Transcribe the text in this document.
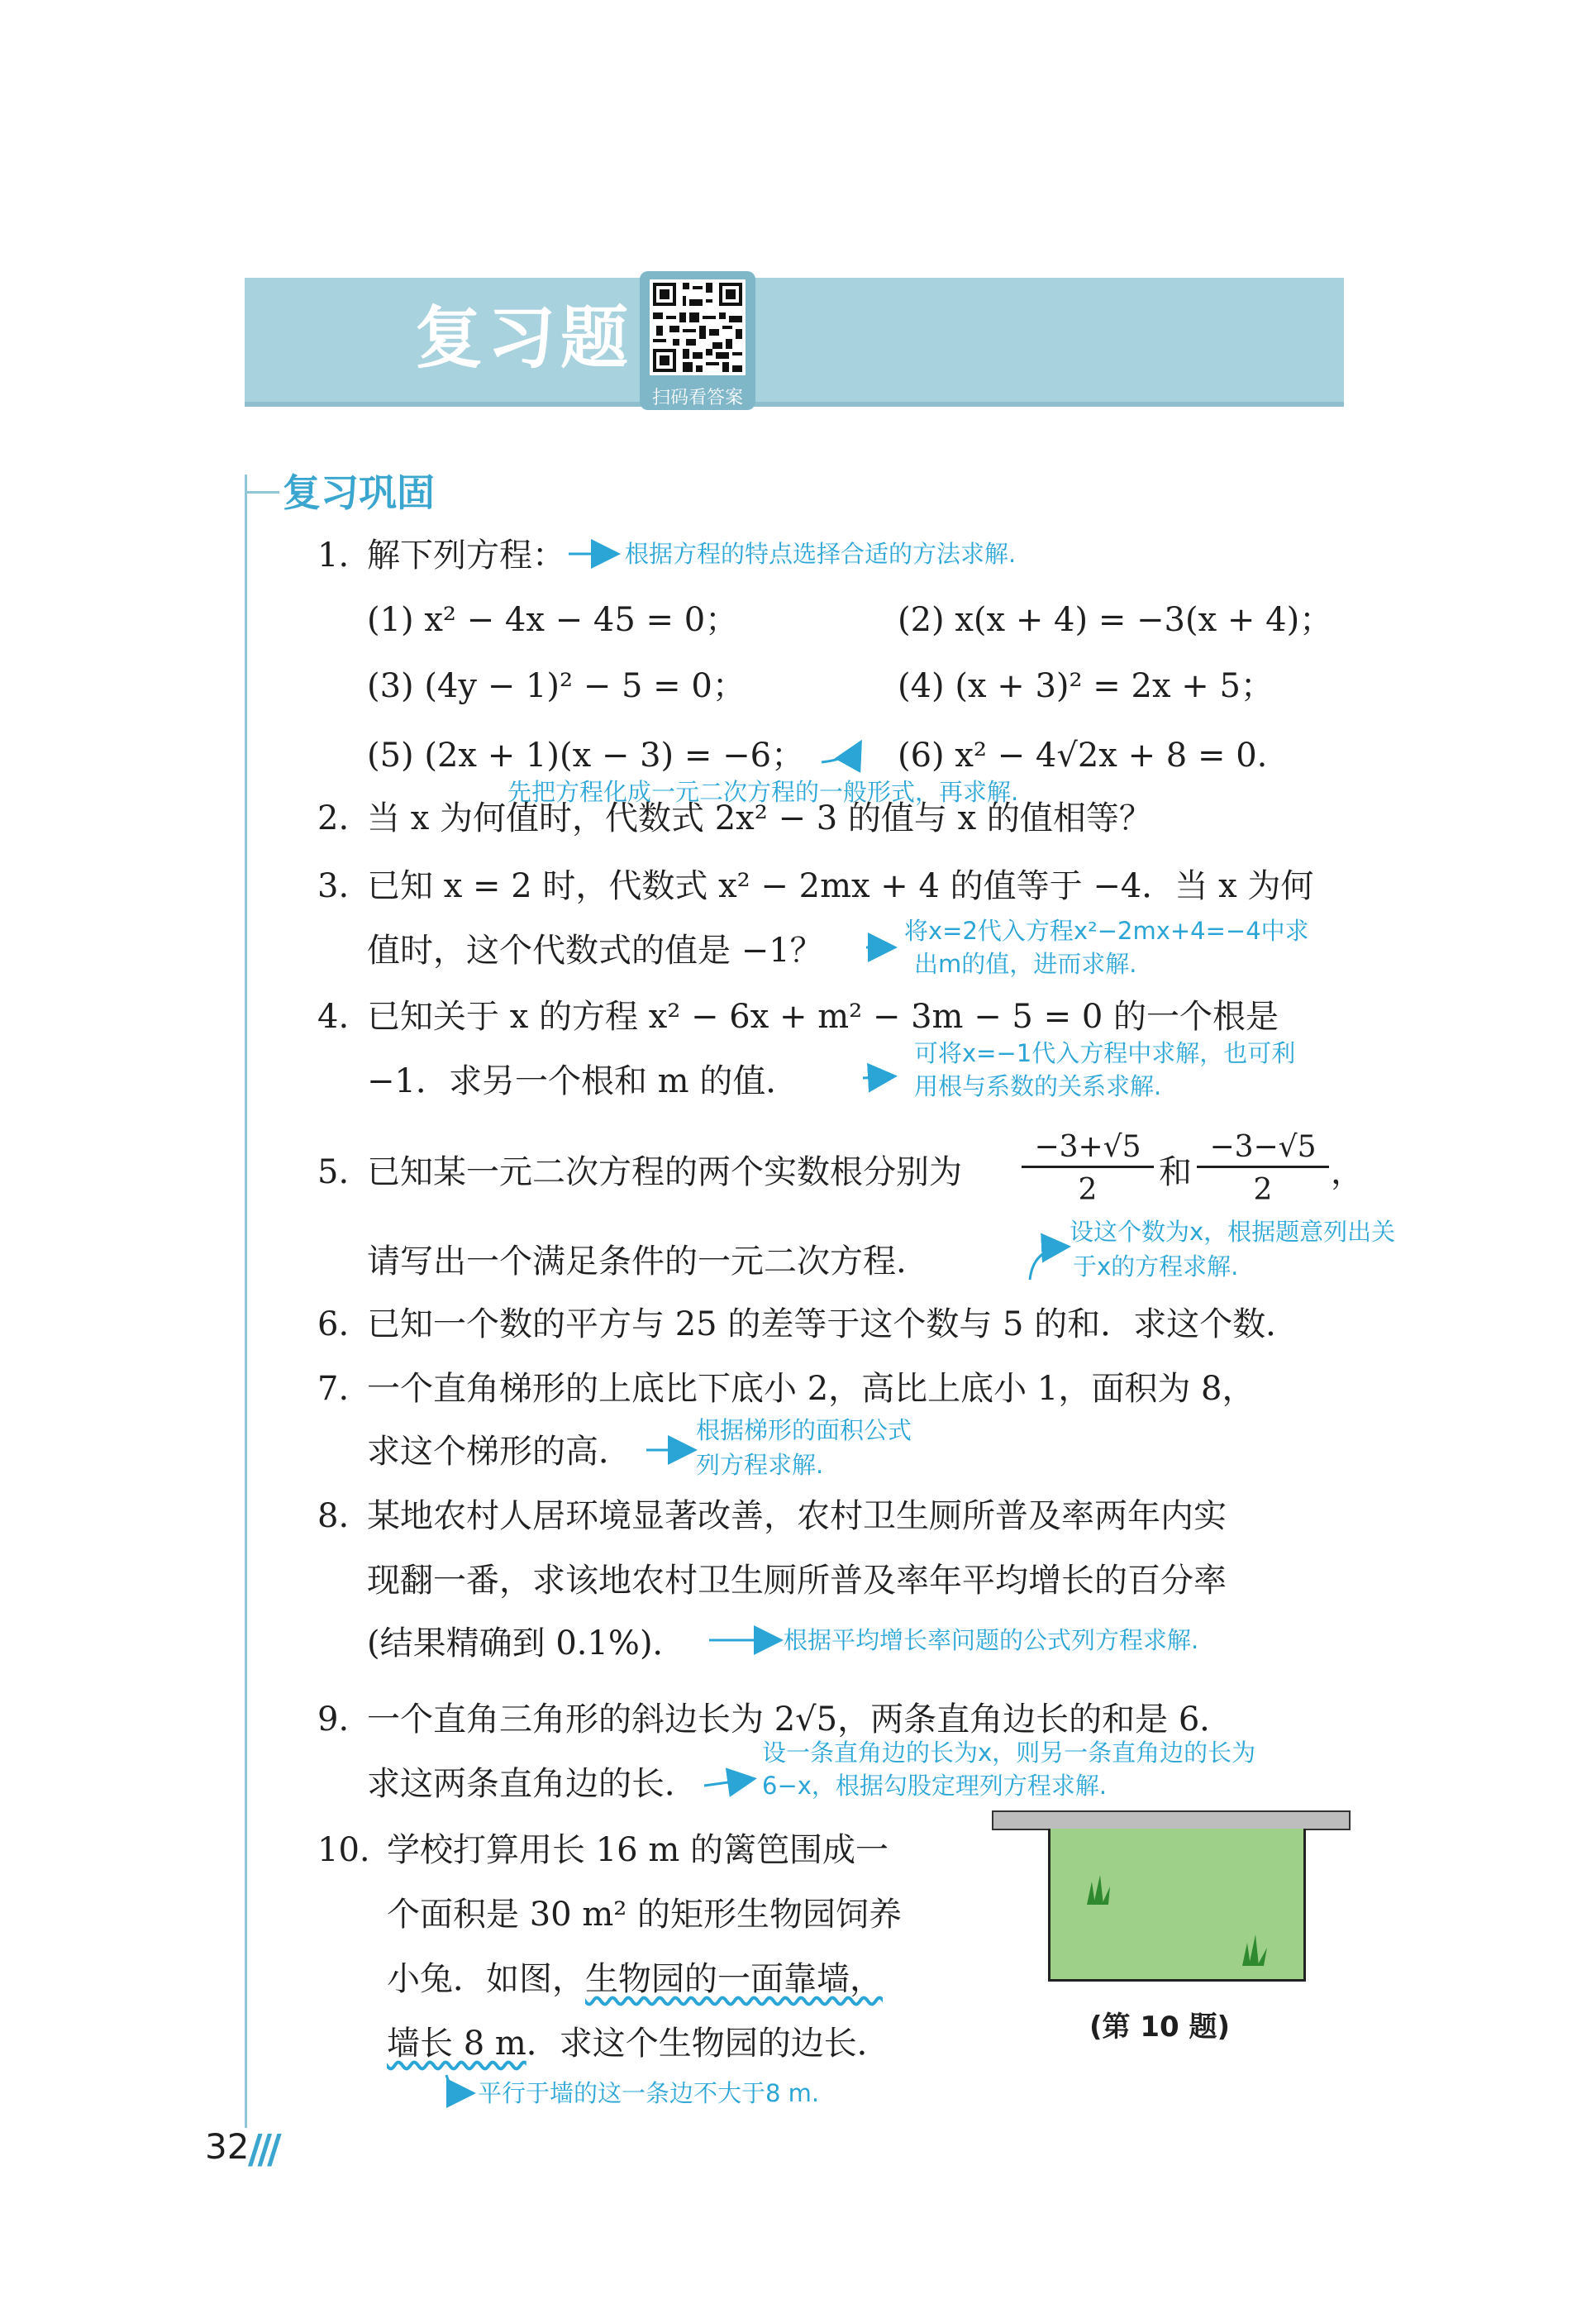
复习题
扫码看答案
复习巩固
1. 解下列方程： 根据方程的特点选择合适的方法求解.
(1) x² − 4x − 45 = 0；	(2) x(x + 4) = −3(x + 4)；
(3) (4y − 1)² − 5 = 0；	(4) (x + 3)² = 2x + 5；
(5) (2x + 1)(x − 3) = −6；	(6) x² − 4√2x + 8 = 0.
先把方程化成一元二次方程的一般形式，再求解.
2. 当 x 为何值时，代数式 2x² − 3 的值与 x 的值相等？
3. 已知 x = 2 时，代数式 x² − 2mx + 4 的值等于 −4．当 x 为何
值时，这个代数式的值是 −1？
将x=2代入方程x²−2mx+4=−4中求
出m的值，进而求解.
4. 已知关于 x 的方程 x² − 6x + m² − 3m − 5 = 0 的一个根是
−1．求另一个根和 m 的值．
可将x=−1代入方程中求解，也可利
用根与系数的关系求解.
5. 已知某一元二次方程的两个实数根分别为
−3+√5
2	和
−3−√5
2	，
请写出一个满足条件的一元二次方程.
设这个数为x，根据题意列出关
于x的方程求解.
6. 已知一个数的平方与 25 的差等于这个数与 5 的和．求这个数．
7. 一个直角梯形的上底比下底小 2，高比上底小 1，面积为 8，
求这个梯形的高．
根据梯形的面积公式
列方程求解.
8. 某地农村人居环境显著改善，农村卫生厕所普及率两年内实
现翻一番，求该地农村卫生厕所普及率年平均增长的百分率
(结果精确到 0.1%)．	根据平均增长率问题的公式列方程求解.
9. 一个直角三角形的斜边长为 2√5，两条直角边长的和是 6．
求这两条直角边的长．
设一条直角边的长为x，则另一条直角边的长为
6−x，根据勾股定理列方程求解.
10. 学校打算用长 16 m 的篱笆围成一
个面积是 30 m² 的矩形生物园饲养
小兔．如图，生物园的一面靠墙，
墙长 8 m．求这个生物园的边长．
平行于墙的这一条边不大于8 m.
(第 10 题)
32
///
